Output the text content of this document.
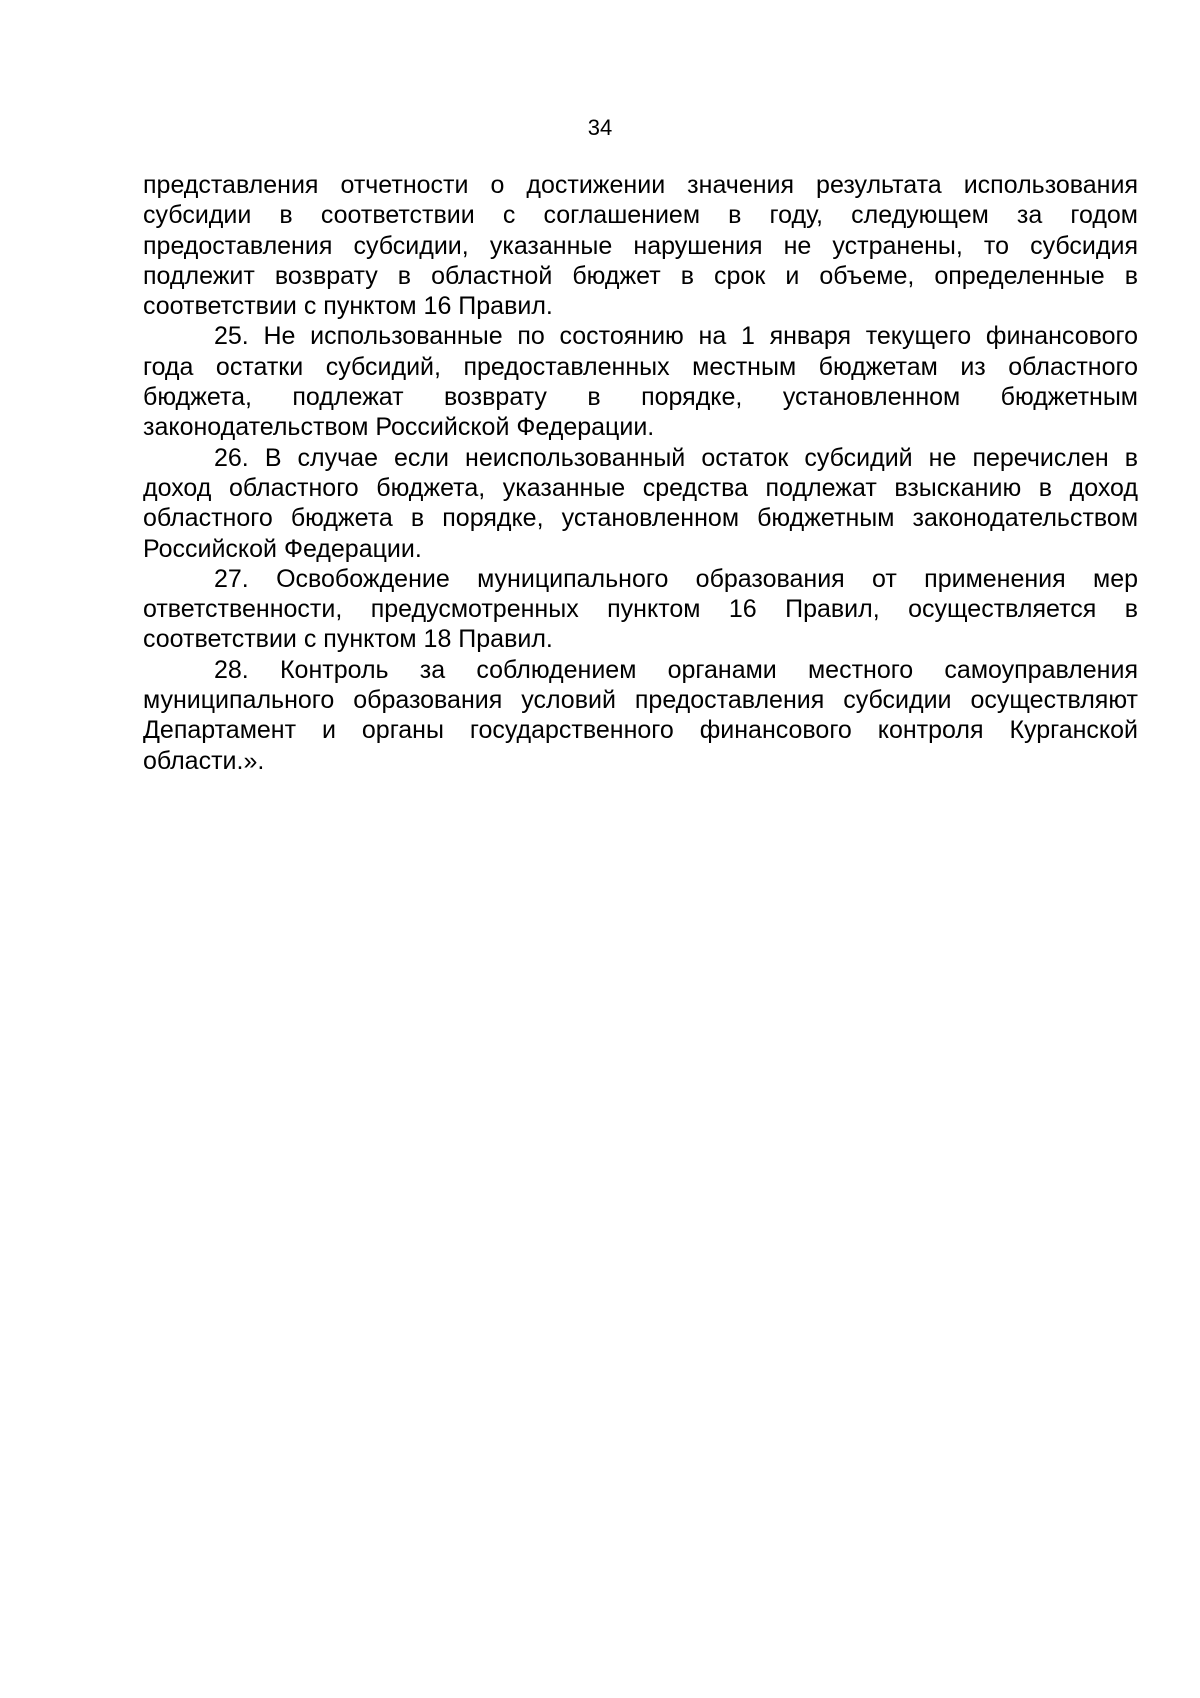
34
представления отчетности о достижении значения результата использования
субсидии в соответствии с соглашением в году, следующем за годом
предоставления субсидии, указанные нарушения не устранены, то субсидия
подлежит возврату в областной бюджет в срок и объеме, определенные в
соответствии с пунктом 16 Правил.
25. Не использованные по состоянию на 1 января текущего финансового
года остатки субсидий, предоставленных местным бюджетам из областного
бюджета, подлежат возврату в порядке, установленном бюджетным
законодательством Российской Федерации.
26. В случае если неиспользованный остаток субсидий не перечислен в
доход областного бюджета, указанные средства подлежат взысканию в доход
областного бюджета в порядке, установленном бюджетным законодательством
Российской Федерации.
27. Освобождение муниципального образования от применения мер
ответственности, предусмотренных пунктом 16 Правил, осуществляется в
соответствии с пунктом 18 Правил.
28. Контроль за соблюдением органами местного самоуправления
муниципального образования условий предоставления субсидии осуществляют
Департамент и органы государственного финансового контроля Курганской
области.».
